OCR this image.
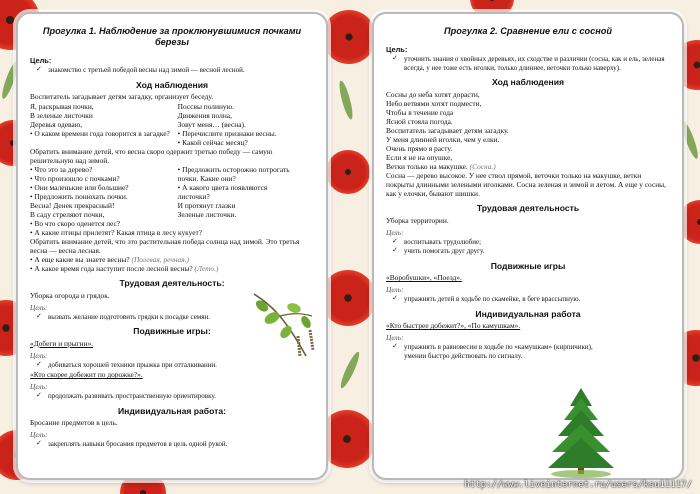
Прогулка 1. Наблюдение за проклюнувшимися почками
березы
Цель:
✓ знакомство с третьей победой весны над зимой — весной лесной.
Ход наблюдения
Воспитатель загадывает детям загадку, организует беседу.
Я, раскрывая почки,	Поссвы полиную.
В зеленые листочки	Движения полна,
Деревья одеваю,	Зовут меня… (весна).
• О каком времени года говорится в загадке?	• Перечислите признаки весны.
• Какой сейчас месяц?
Обратить внимание детей, что весна скоро одержит третью победу — самую решительную над зимой.
• Что это за дерево?	• Предложить осторожно потрогать
• Что произошло с почками?	почки. Какие они?
• Они маленькие или большие?	• А какого цвета появляются
• Предложить понюхать почки.	листочки?
Весна! Денек прекрасный!	И протянут глазки
В саду стреляют почки,	Зеленые листочки.
• Во что скоро оденется лес?
• А какие птицы прилетят? Какая птица в лесу кукует?
Обратить внимание детей, что это растительная победа солнца над зимой. Это третья весна — весна лесная.
• А еще какие вы знаете весны? (Полевая, речная.)
• А какое время года наступит после лесной весны? (Лето.)
Трудовая деятельность:
Уборка огорода и грядок.
Цель:
✓ вызвать желание подготовить грядки к посадке семян.
Подвижные игры:
«Добеги и прыгни».
Цель:
✓ добиваться хорошей техники прыжка при отталкивании.
«Кто скорее добежит по дорожке?».
Цель:
✓ продолжать развивать пространственную ориентировку.
Индивидуальная работа:
Бросание предметов в цель.
Цель:
✓ закреплять навыки бросания предметов в цель одной рукой.
Прогулка 2. Сравнение ели с сосной
Цель:
✓ уточнить знания о хвойных деревьях, их сходстве и различии (сосна, как и ель, зеленая всегда, у нее тоже есть иголки, только длиннее, веточки только наверху).
Ход наблюдения
Сосны до неба хотят дорасти,
Небо ветвями хотят подмести,
Чтобы в течение года
Ясной стояла погода.
Воспитатель загадывает детям загадку.
У меня длинней иголки, чем у елки.
Очень прямо я расту.
Если я не на опушке,
Ветки только на макушке. (Сосна.)
Сосна — дерево высокое. У нее ствол прямой, веточки только на макушке, ветки покрыты длинными зелеными иголками. Сосна зеленая и зимой и летом. А еще у сосны, как у елочки, бывают шишки.
Трудовая деятельность
Уборка территории.
Цель:
✓ воспитывать трудолюбие;
✓ учить помогать друг другу.
Подвижные игры
«Воробушки», «Поезд».
Цель:
✓ упражнять детей в ходьбе по скамейке, в беге врассыпную.
Индивидуальная работа
«Кто быстрее добежит?», «По камушкам».
Цель:
✓ упражнять в равновесии в ходьбе по «камушкам» (кирпичики), умении быстро действовать по сигналу.
http://www.liveinternet.ru/users/ksu11117/
